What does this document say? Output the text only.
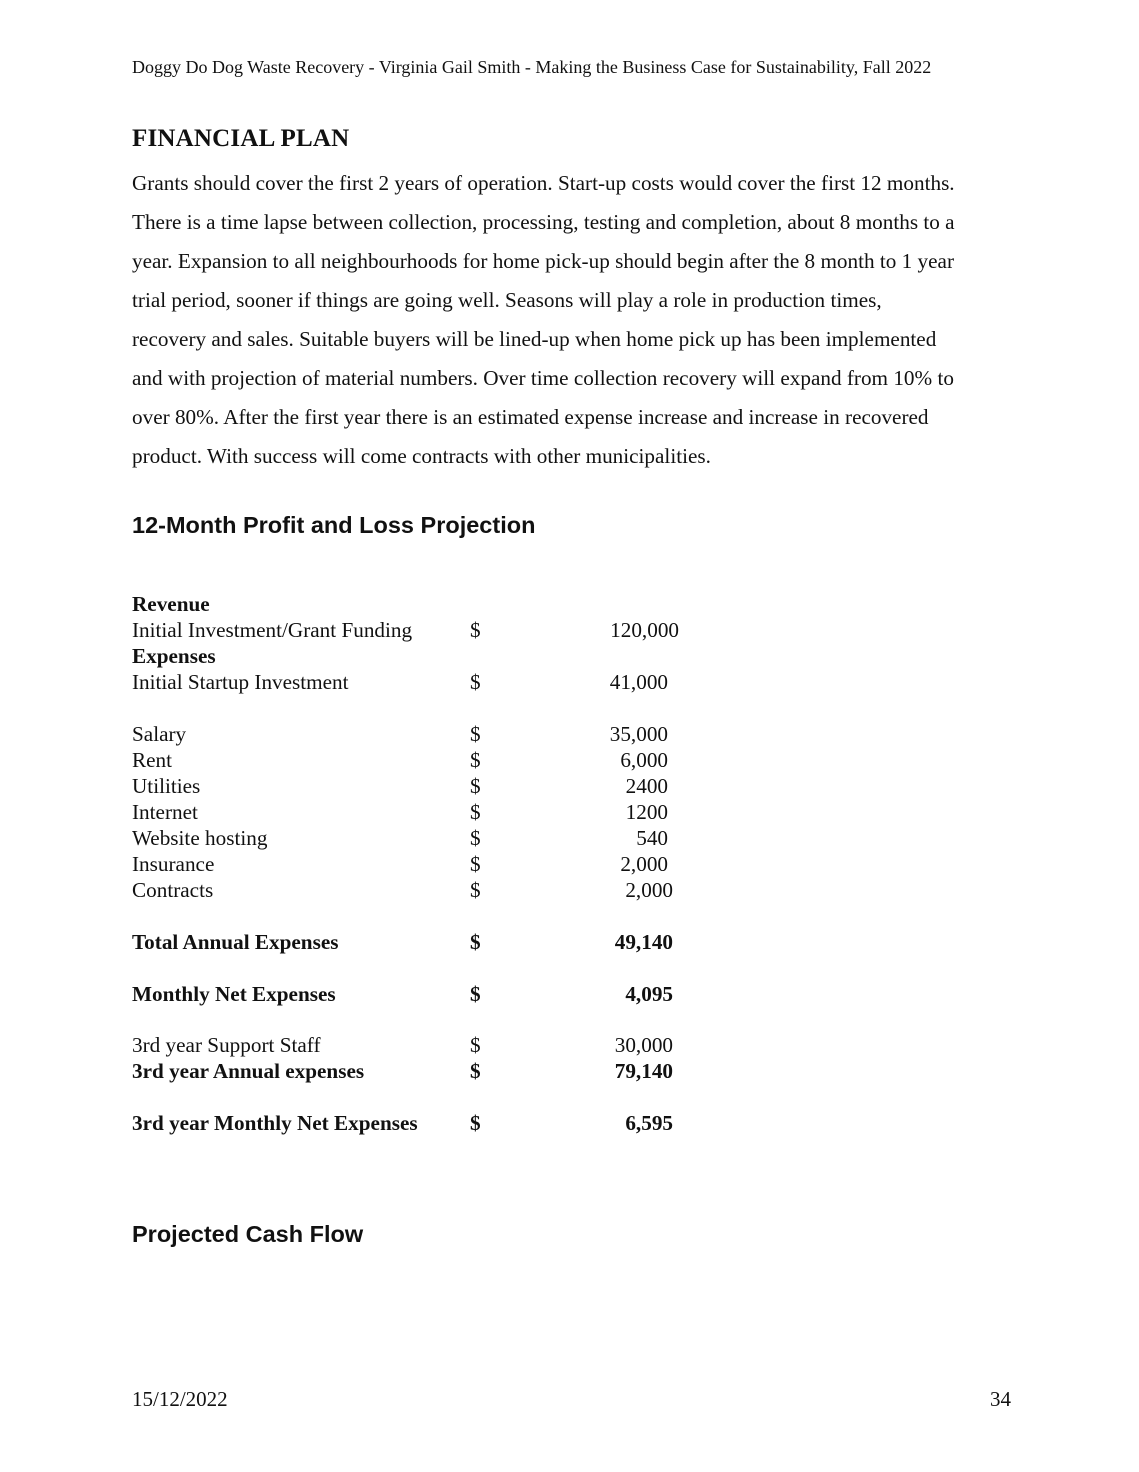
Doggy Do Dog Waste Recovery - Virginia Gail Smith - Making the Business Case for Sustainability, Fall 2022
FINANCIAL PLAN

Grants should cover the first 2 years of operation. Start-up costs would cover the first 12 months.

There is a time lapse between collection, processing, testing and completion, about 8 months to a

year. Expansion to all neighbourhoods for home pick-up should begin after the 8 month to 1 year

trial period, sooner if things are going well. Seasons will play a role in production times,

recovery and sales. Suitable buyers will be lined-up when home pick up has been implemented

and with projection of material numbers. Over time collection recovery will expand from 10% to

over 80%. After the first year there is an estimated expense increase and increase in recovered

product. With success will come contracts with other municipalities.

12-Month Profit and Loss Projection
Revenue
Initial Investment/Grant Funding	$	120,000
Expenses
Initial Startup Investment	$	41,000
Salary	$	35,000
Rent	$	6,000
Utilities	$	2400
Internet	$	1200
Website hosting	$	540
Insurance	$	2,000
Contracts	$	2,000
Total Annual Expenses	$	49,140
Monthly Net Expenses	$	4,095
3rd year Support Staff	$	30,000
3rd year Annual expenses	$	79,140
3rd year Monthly Net Expenses $	6,595
Projected Cash Flow
15/12/2022	34
